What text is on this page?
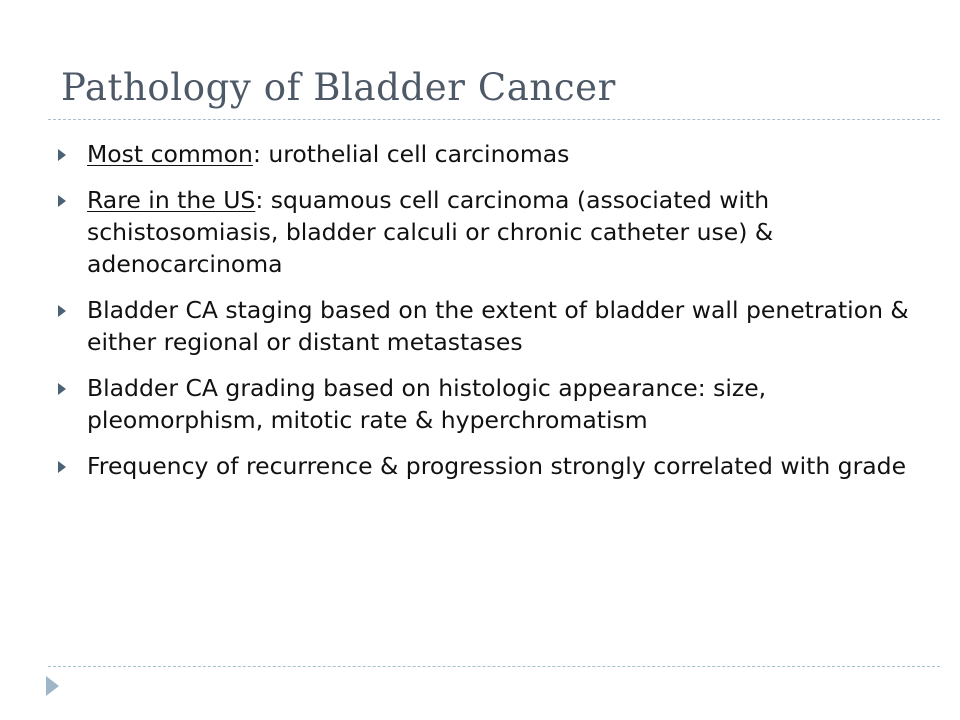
Pathology of Bladder Cancer
Most common: urothelial cell carcinomas
Rare in the US: squamous cell carcinoma (associated with schistosomiasis, bladder calculi or chronic catheter use) & adenocarcinoma
Bladder CA staging based on the extent of bladder wall penetration & either regional or distant metastases
Bladder CA grading based on histologic appearance: size, pleomorphism, mitotic rate & hyperchromatism
Frequency of recurrence & progression strongly correlated with grade
